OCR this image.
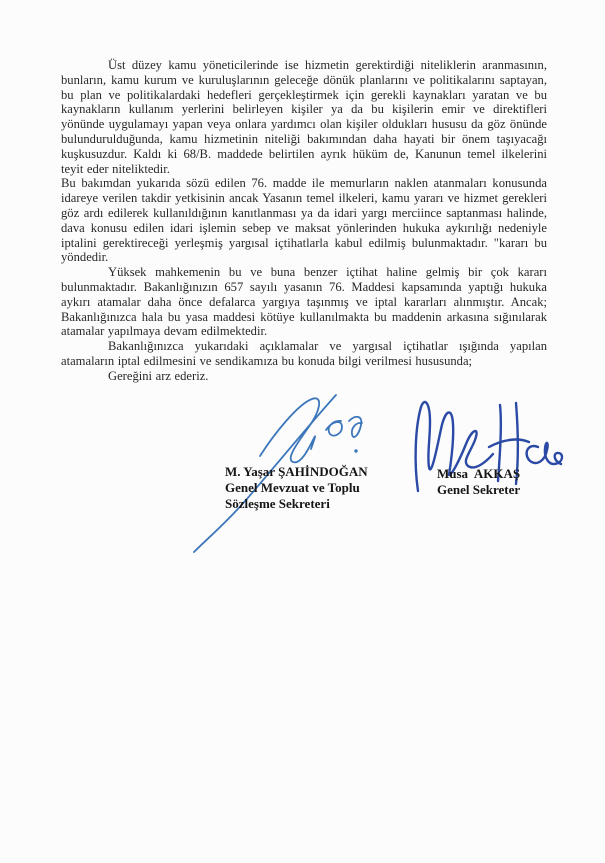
Üst düzey kamu yöneticilerinde ise hizmetin gerektirdiği niteliklerin aranmasının,
bunların, kamu kurum ve kuruluşlarının geleceğe dönük planlarını ve politikalarını saptayan,
bu plan ve politikalardaki hedefleri gerçekleştirmek için gerekli kaynakları yaratan ve bu
kaynakların kullanım yerlerini belirleyen kişiler ya da bu kişilerin emir ve direktifleri
yönünde uygulamayı yapan veya onlara yardımcı olan kişiler oldukları hususu da göz önünde
bulundurulduğunda, kamu hizmetinin niteliği bakımından daha hayati bir önem taşıyacağı
kuşkusuzdur. Kaldı ki 68/B. maddede belirtilen ayrık hüküm de, Kanunun temel ilkelerini
teyit eder niteliktedir.
Bu bakımdan yukarıda sözü edilen 76. madde ile memurların naklen atanmaları konusunda
idareye verilen takdir yetkisinin ancak Yasanın temel ilkeleri, kamu yararı ve hizmet gerekleri
göz ardı edilerek kullanıldığının kanıtlanması ya da idari yargı merciince saptanması halinde,
dava konusu edilen idari işlemin sebep ve maksat yönlerinden hukuka aykırılığı nedeniyle
iptalini gerektireceği yerleşmiş yargısal içtihatlarla kabul edilmiş bulunmaktadır. "kararı bu
yöndedir.
Yüksek mahkemenin bu ve buna benzer içtihat haline gelmiş bir çok kararı
bulunmaktadır. Bakanlığınızın 657 sayılı yasanın 76. Maddesi kapsamında yaptığı hukuka
aykırı atamalar daha önce defalarca yargıya taşınmış ve iptal kararları alınmıştır. Ancak;
Bakanlığınızca hala bu yasa maddesi kötüye kullanılmakta bu maddenin arkasına sığınılarak
atamalar yapılmaya devam edilmektedir.
Bakanlığınızca yukarıdaki açıklamalar ve yargısal içtihatlar ışığında yapılan
atamaların iptal edilmesini ve sendikamıza bu konuda bilgi verilmesi hususunda;
Gereğini arz ederiz.
M. Yaşar ŞAHİNDOĞAN
Genel Mevzuat ve Toplu
Sözleşme Sekreteri
Musa  AKKAŞ
Genel Sekreter
